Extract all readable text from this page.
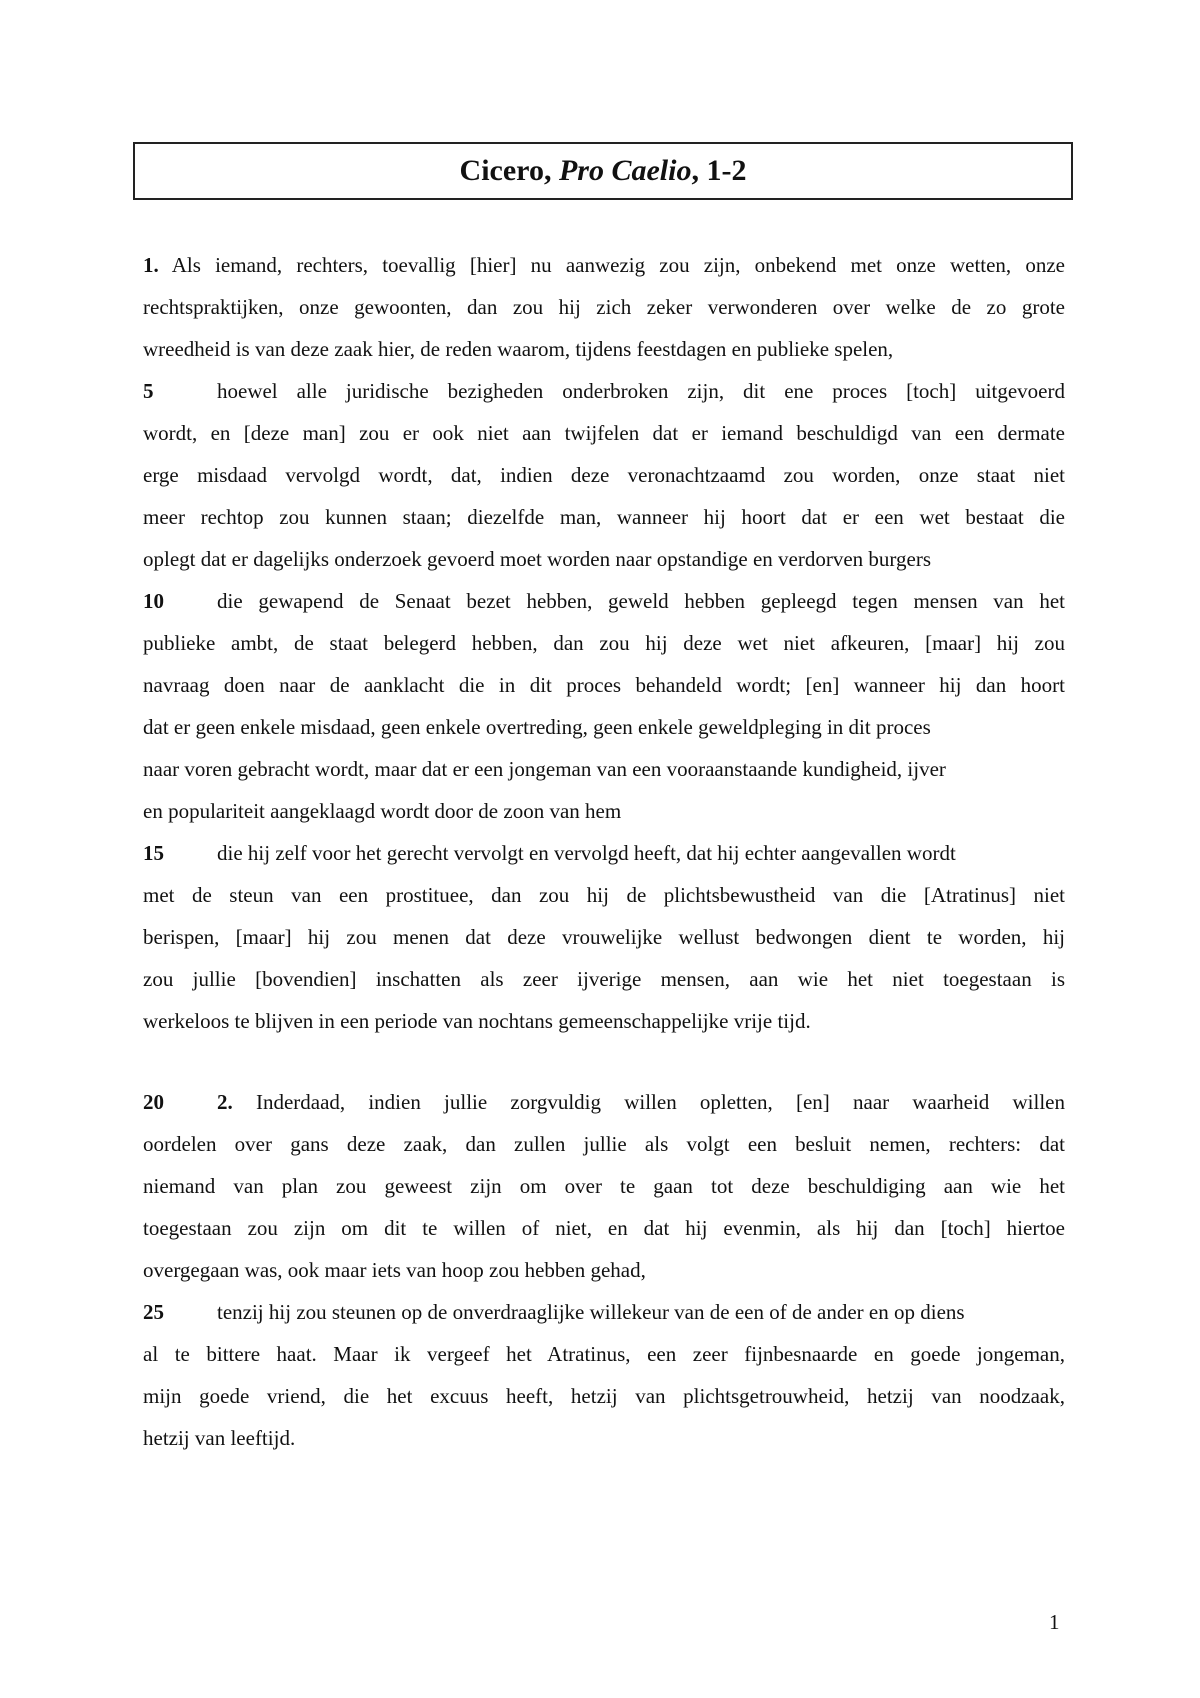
Cicero, Pro Caelio , 1-2
1. Als iemand, rechters, toevallig [hier] nu aanwezig zou zijn, onbekend met onze wetten, onze
rechtspraktijken, onze gewoonten, dan zou hij zich zeker verwonderen over welke de zo grote
wreedheid is van deze zaak hier, de reden waarom, tijdens feestdagen en publieke spelen,
5	hoewel alle juridische bezigheden onderbroken zijn, dit ene proces [toch] uitgevoerd
wordt, en [deze man] zou er ook niet aan twijfelen dat er iemand beschuldigd van een dermate
erge misdaad vervolgd wordt, dat, indien deze veronachtzaamd zou worden, onze staat niet
meer rechtop zou kunnen staan; diezelfde man, wanneer hij hoort dat er een wet bestaat die
oplegt dat er dagelijks onderzoek gevoerd moet worden naar opstandige en verdorven burgers
10	die gewapend de Senaat bezet hebben, geweld hebben gepleegd tegen mensen van het
publieke ambt, de staat belegerd hebben, dan zou hij deze wet niet afkeuren, [maar] hij zou
navraag doen naar de aanklacht die in dit proces behandeld wordt; [en] wanneer hij dan hoort
dat er geen enkele misdaad, geen enkele overtreding, geen enkele geweldpleging in dit proces
naar voren gebracht wordt, maar dat er een jongeman van een vooraanstaande kundigheid, ijver
en populariteit aangeklaagd wordt door de zoon van hem
15	die hij zelf voor het gerecht vervolgt en vervolgd heeft, dat hij echter aangevallen wordt
met de steun van een prostituee, dan zou hij de plichtsbewustheid van die [Atratinus] niet
berispen, [maar] hij zou menen dat deze vrouwelijke wellust bedwongen dient te worden, hij
zou jullie [bovendien] inschatten als zeer ijverige mensen, aan wie het niet toegestaan is
werkeloos te blijven in een periode van nochtans gemeenschappelijke vrije tijd.
20	2. Inderdaad, indien jullie zorgvuldig willen opletten, [en] naar waarheid willen
oordelen over gans deze zaak, dan zullen jullie als volgt een besluit nemen, rechters: dat
niemand van plan zou geweest zijn om over te gaan tot deze beschuldiging aan wie het
toegestaan zou zijn om dit te willen of niet, en dat hij evenmin, als hij dan [toch] hiertoe
overgegaan was, ook maar iets van hoop zou hebben gehad,
25	tenzij hij zou steunen op de onverdraaglijke willekeur van de een of de ander en op diens
al te bittere haat. Maar ik vergeef het Atratinus, een zeer fijnbesnaarde en goede jongeman,
mijn goede vriend, die het excuus heeft, hetzij van plichtsgetrouwheid, hetzij van noodzaak,
hetzij van leeftijd.
1
